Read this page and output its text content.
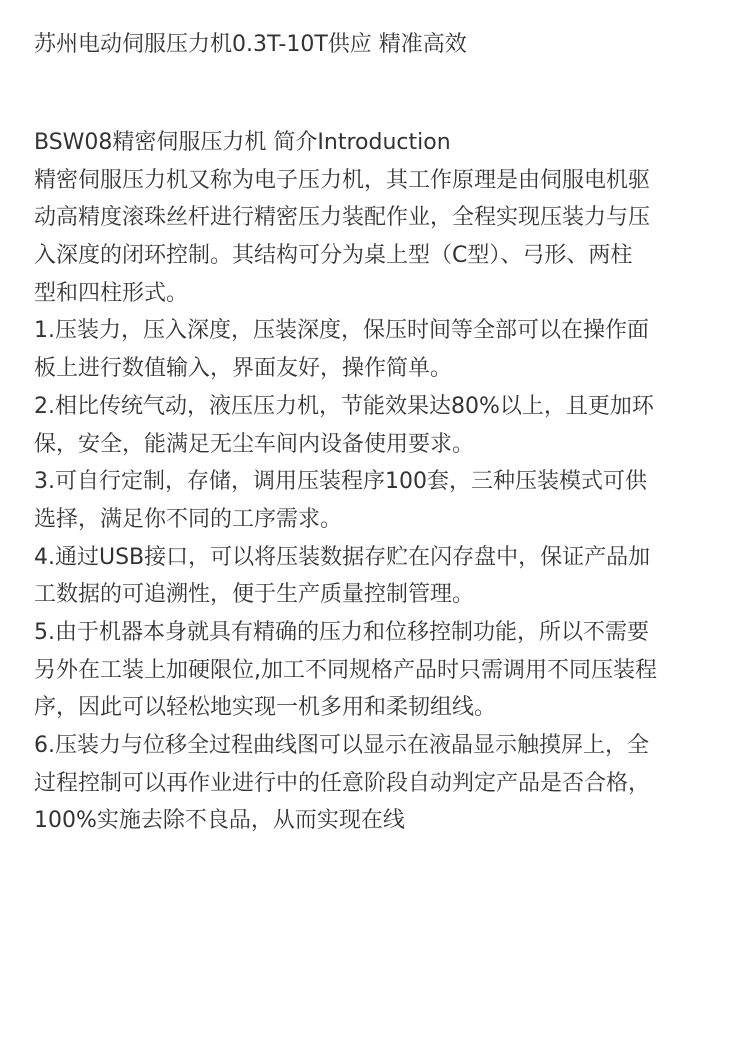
苏州电动伺服压力机0.3T-10T供应 精准高效
BSW08精密伺服压力机 简介Introduction
精密伺服压力机又称为电子压力机，其工作原理是由伺服电机驱
动高精度滚珠丝杆进行精密压力装配作业，全程实现压装力与压
入深度的闭环控制。其结构可分为桌上型（C型）、弓形、两柱
型和四柱形式。
1.压装力，压入深度，压装深度，保压时间等全部可以在操作面
板上进行数值输入，界面友好，操作简单。
2.相比传统气动，液压压力机，节能效果达80%以上，且更加环
保，安全，能满足无尘车间内设备使用要求。
3.可自行定制，存储，调用压装程序100套，三种压装模式可供
选择，满足你不同的工序需求。
4.通过USB接口，可以将压装数据存贮在闪存盘中，保证产品加
工数据的可追溯性，便于生产质量控制管理。
5.由于机器本身就具有精确的压力和位移控制功能，所以不需要
另外在工装上加硬限位,加工不同规格产品时只需调用不同压装程
序，因此可以轻松地实现一机多用和柔韧组线。
6.压装力与位移全过程曲线图可以显示在液晶显示触摸屏上，全
过程控制可以再作业进行中的任意阶段自动判定产品是否合格，
100%实施去除不良品，从而实现在线
